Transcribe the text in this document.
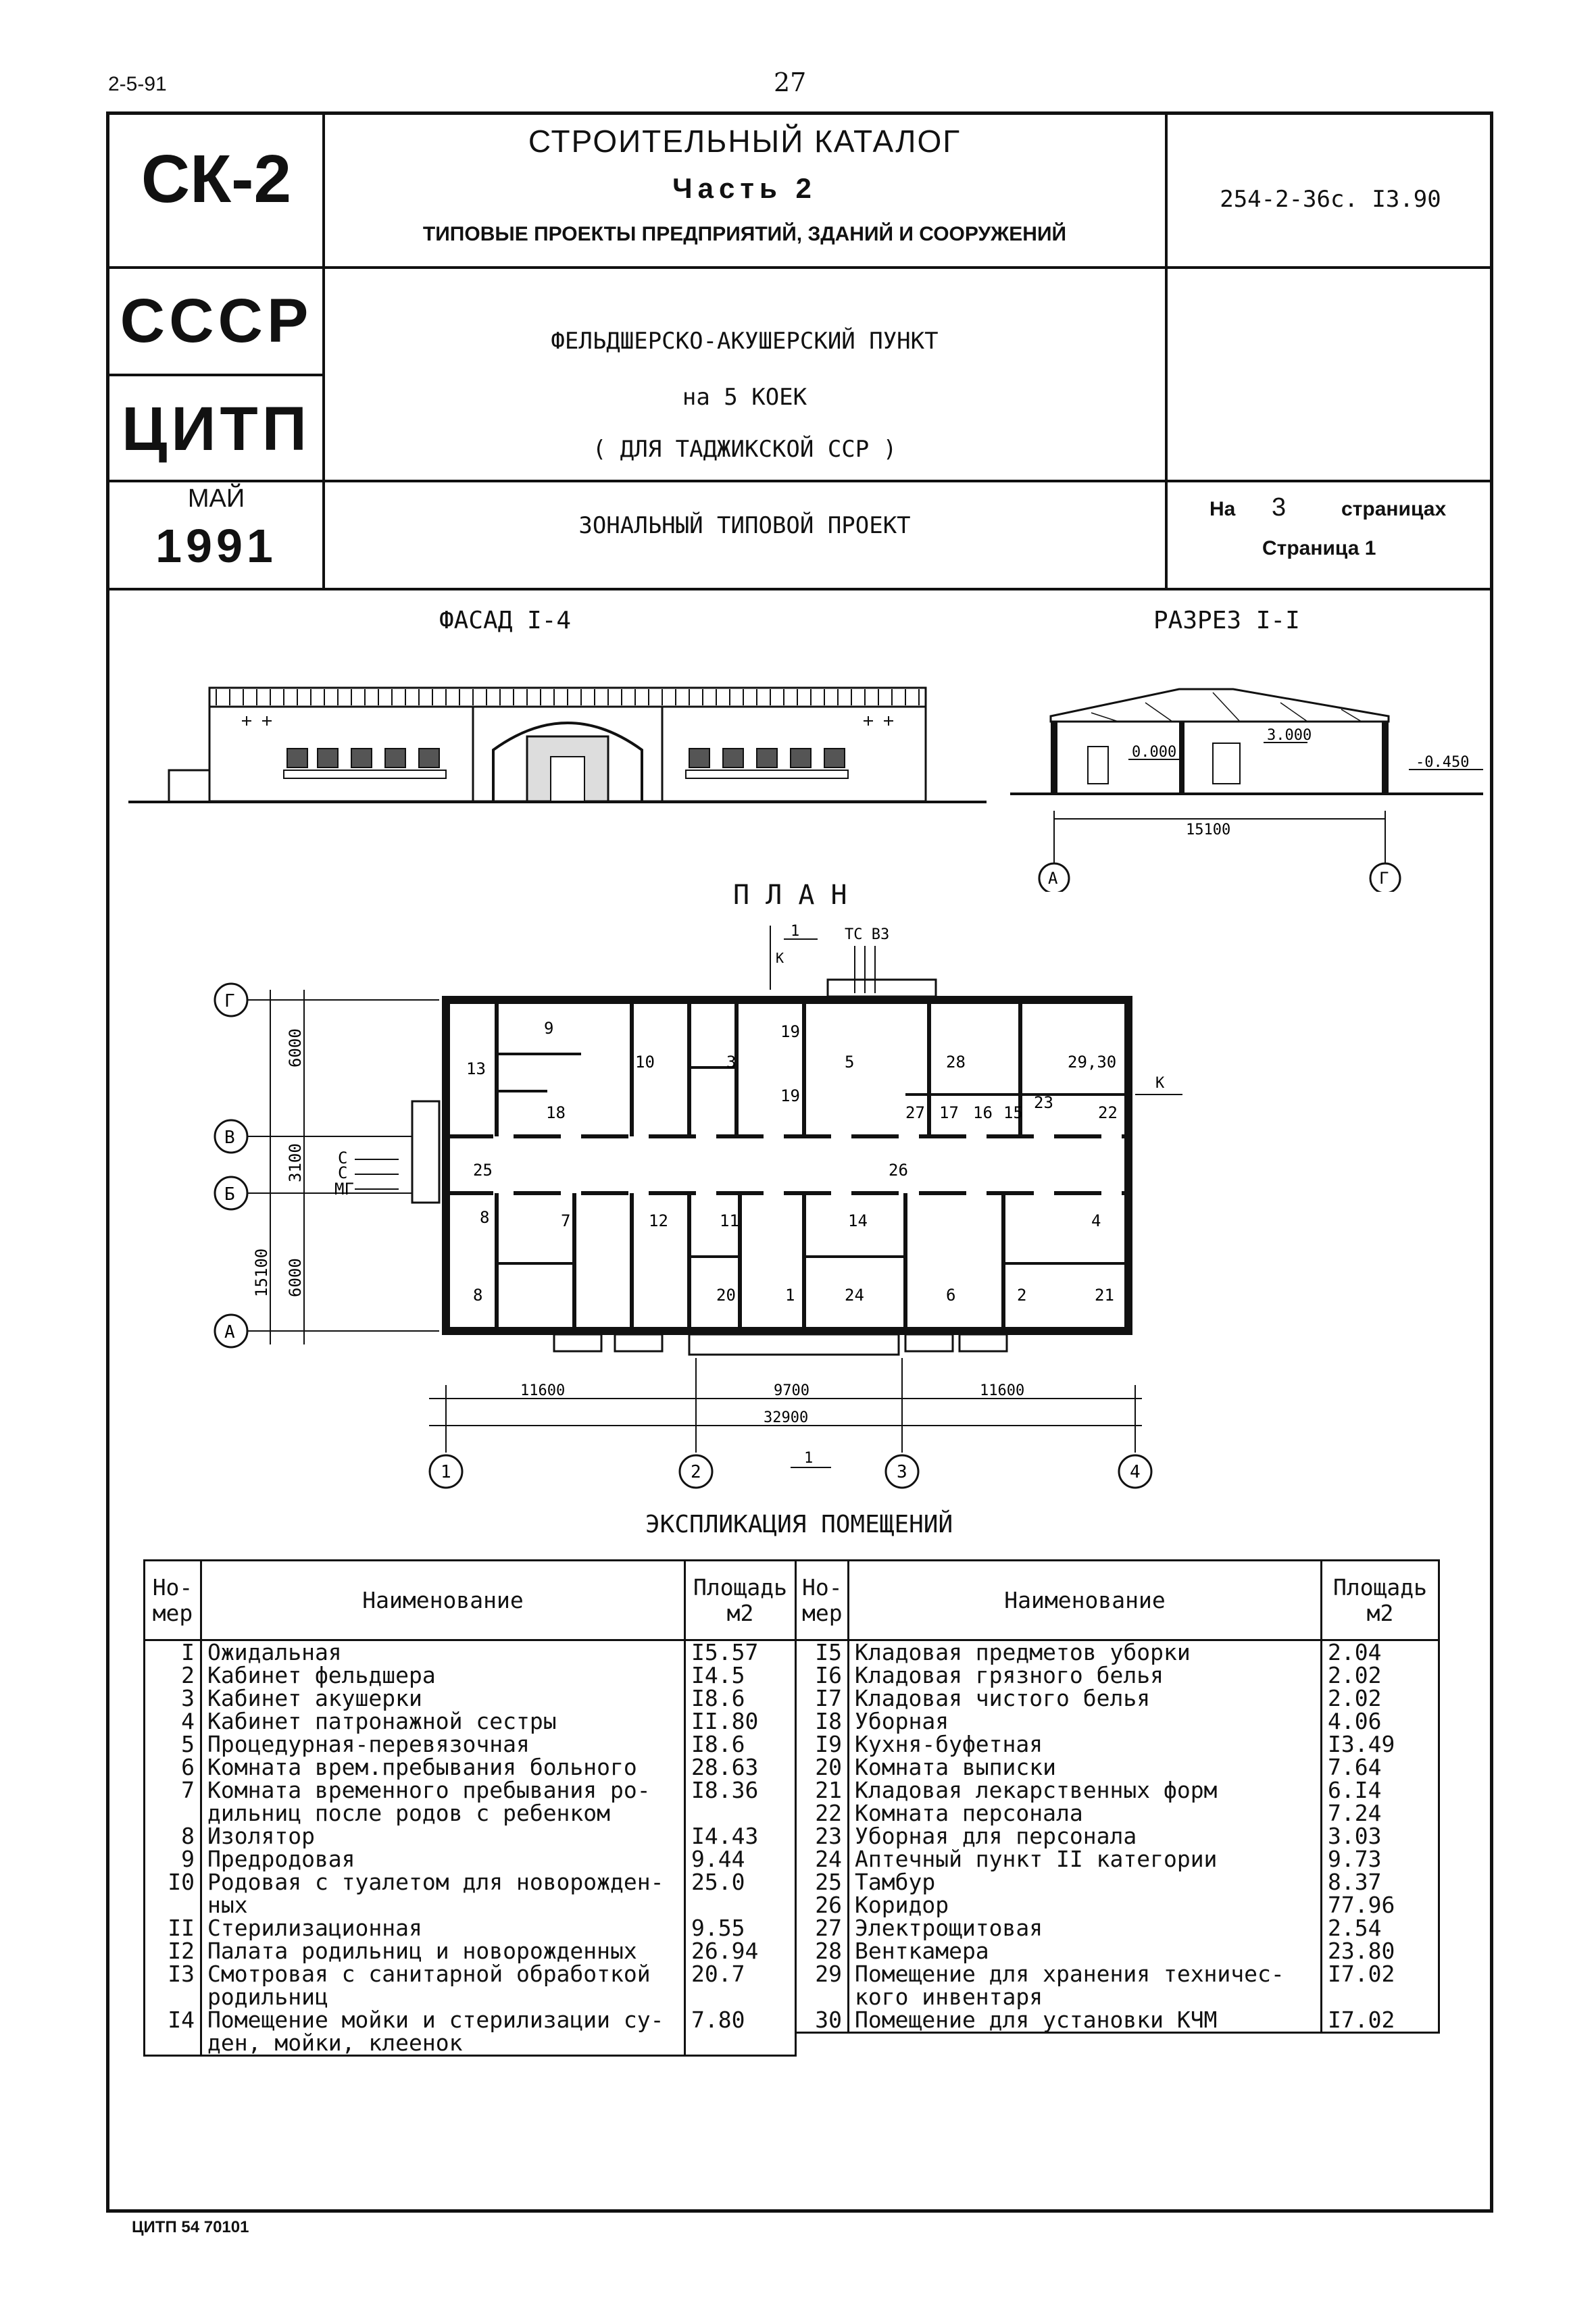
2-5-91	27
СК-2
СССР
ЦИТП
МАЙ
1991
СТРОИТЕЛЬНЫЙ КАТАЛОГ
Часть 2
ТИПОВЫЕ ПРОЕКТЫ ПРЕДПРИЯТИЙ, ЗДАНИЙ И СООРУЖЕНИЙ
ФЕЛЬДШЕРСКО-АКУШЕРСКИЙ ПУНКТ
на 5 КОЕК
( ДЛЯ ТАДЖИКСКОЙ ССР )
ЗОНАЛЬНЫЙ ТИПОВОЙ ПРОЕКТ
254-2-36с. I3.90
На 3	страницах
Страница 1
ФАСАД I-4	РАЗРЕЗ I-I
П Л А Н
0.000
3.000
-0.450
15100
А	Г
Г
В
Б
А
6000
3100
6000
15100
С
С
МГ
13
9
10	3
19
5	28	29,30
18
19
27 17 16 15
23
22
25	26
8	7	12	11	14	4
8	20	1	24	6	2	21
ТС В3
1
К
К
11600	9700	11600
32900
1	2	3	4
1
ЭКСПЛИКАЦИЯ ПОМЕЩЕНИЙ
Но-мер	Наименование	Площадь м2
I	Ожидальная	I5.57
2	Кабинет фельдшера	I4.5
3	Кабинет акушерки	I8.6
4	Кабинет патронажной сестры	II.80
5	Процедурная-перевязочная	I8.6
6	Комната врем.пребывания больного	28.63
7	Комната временного пребывания ро-дильниц после родов с ребенком	I8.36
8	Изолятор	I4.43
9	Предродовая	9.44
I0	Родовая с туалетом для новорожден-ных	25.0
II	Стерилизационная	9.55
I2	Палата родильниц и новорожденных	26.94
I3	Смотровая с санитарной обработкой родильниц	20.7
I4	Помещение мойки и стерилизации су-ден, мойки, клеенок	7.80
Но-мер	Наименование	Площадь м2
I5	Кладовая предметов уборки	2.04
I6	Кладовая грязного белья	2.02
I7	Кладовая чистого белья	2.02
I8	Уборная	4.06
I9	Кухня-буфетная	I3.49
20	Комната выписки	7.64
21	Кладовая лекарственных форм	6.I4
22	Комната персонала	7.24
23	Уборная для персонала	3.03
24	Аптечный пункт II категории	9.73
25	Тамбур	8.37
26	Коридор	77.96
27	Электрощитовая	2.54
28	Венткамера	23.80
29	Помещение для хранения техничес-кого инвентаря	I7.02
30	Помещение для установки КЧМ	I7.02
ЦИТП 54 70101
